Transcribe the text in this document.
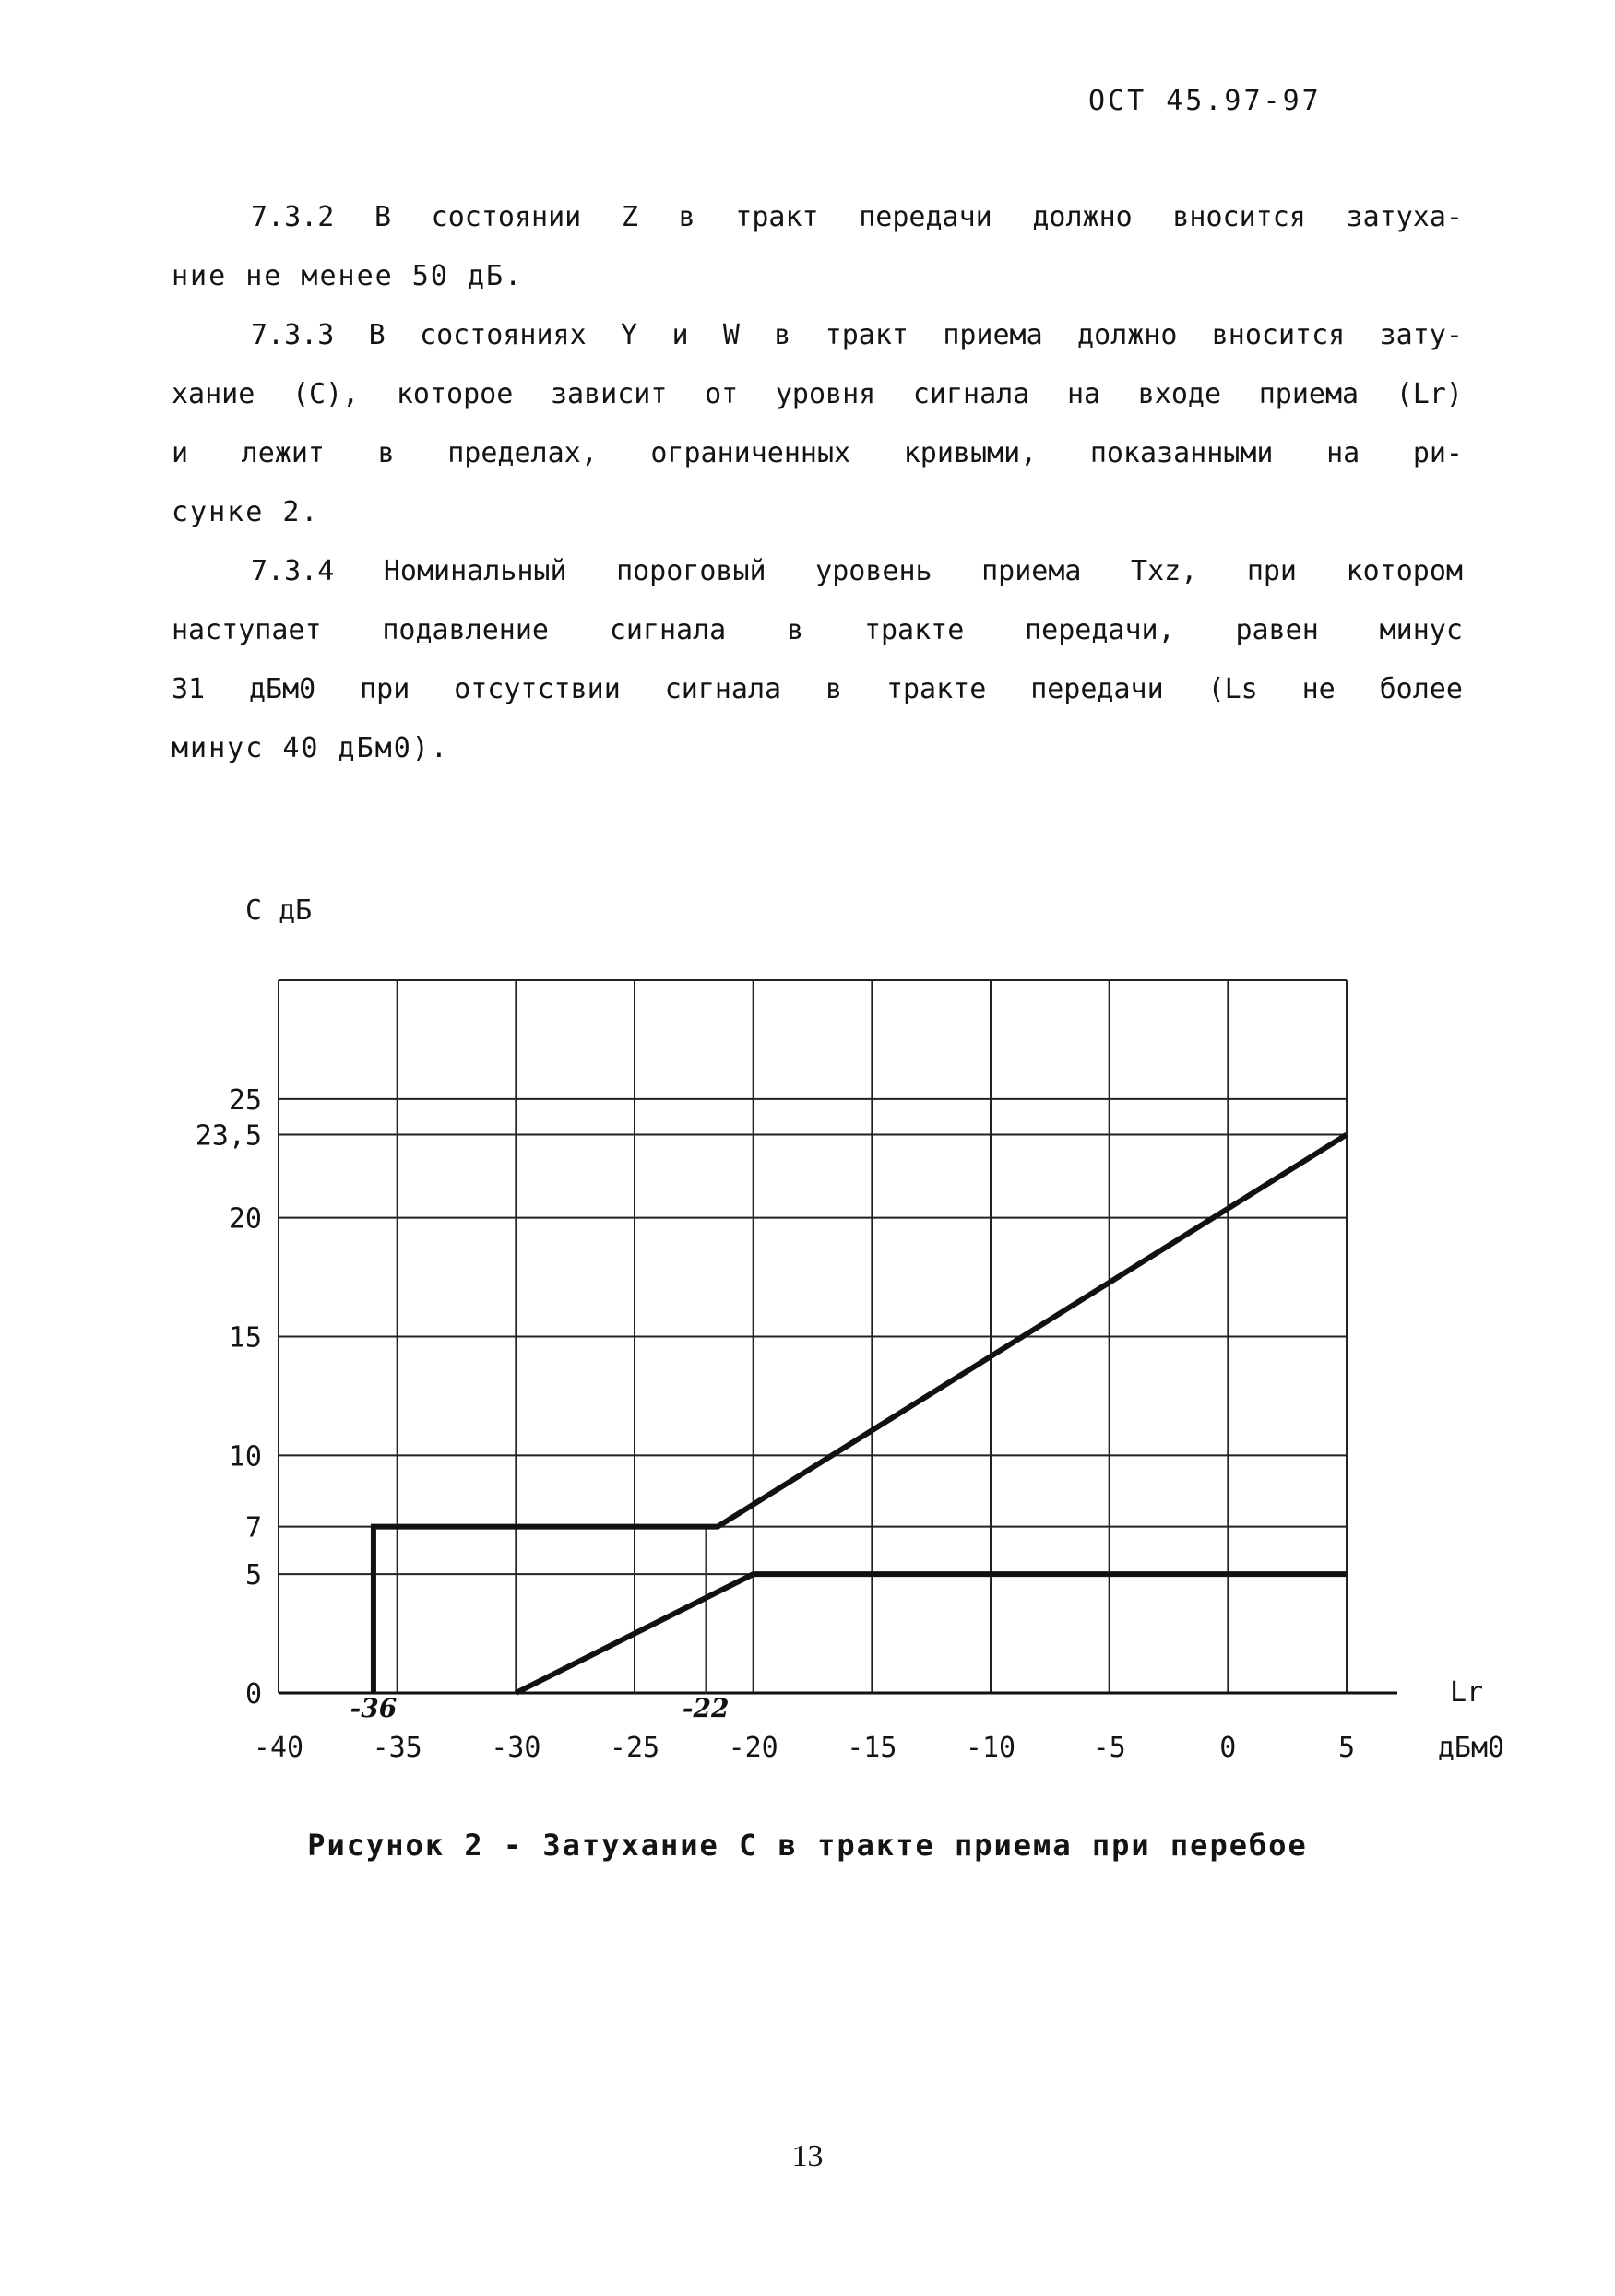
ОСТ 45.97-97
7.3.2 В состоянии Z в тракт передачи должно вносится затуха-
ние не менее 50 дБ.
7.3.3 В состояниях Y и W в тракт приема должно вносится зату-
хание (C), которое зависит от уровня сигнала на входе приема (Lr)
и лежит в пределах, ограниченных кривыми, показанными на ри-
сунке 2.
7.3.4 Номинальный пороговый уровень приема Txz, при котором
наступает подавление сигнала в тракте передачи, равен минус
31 дБм0 при отсутствии сигнала в тракте передачи (Ls не более
минус 40 дБм0).
С дБ
0
5
7
10
15
20
23,5
25
-40 -35 -30 -25 -20 -15 -10	-5	0	5
-36	-22	Lr
дБм0
Рисунок 2 - Затухание С в тракте приема при перебое
13
